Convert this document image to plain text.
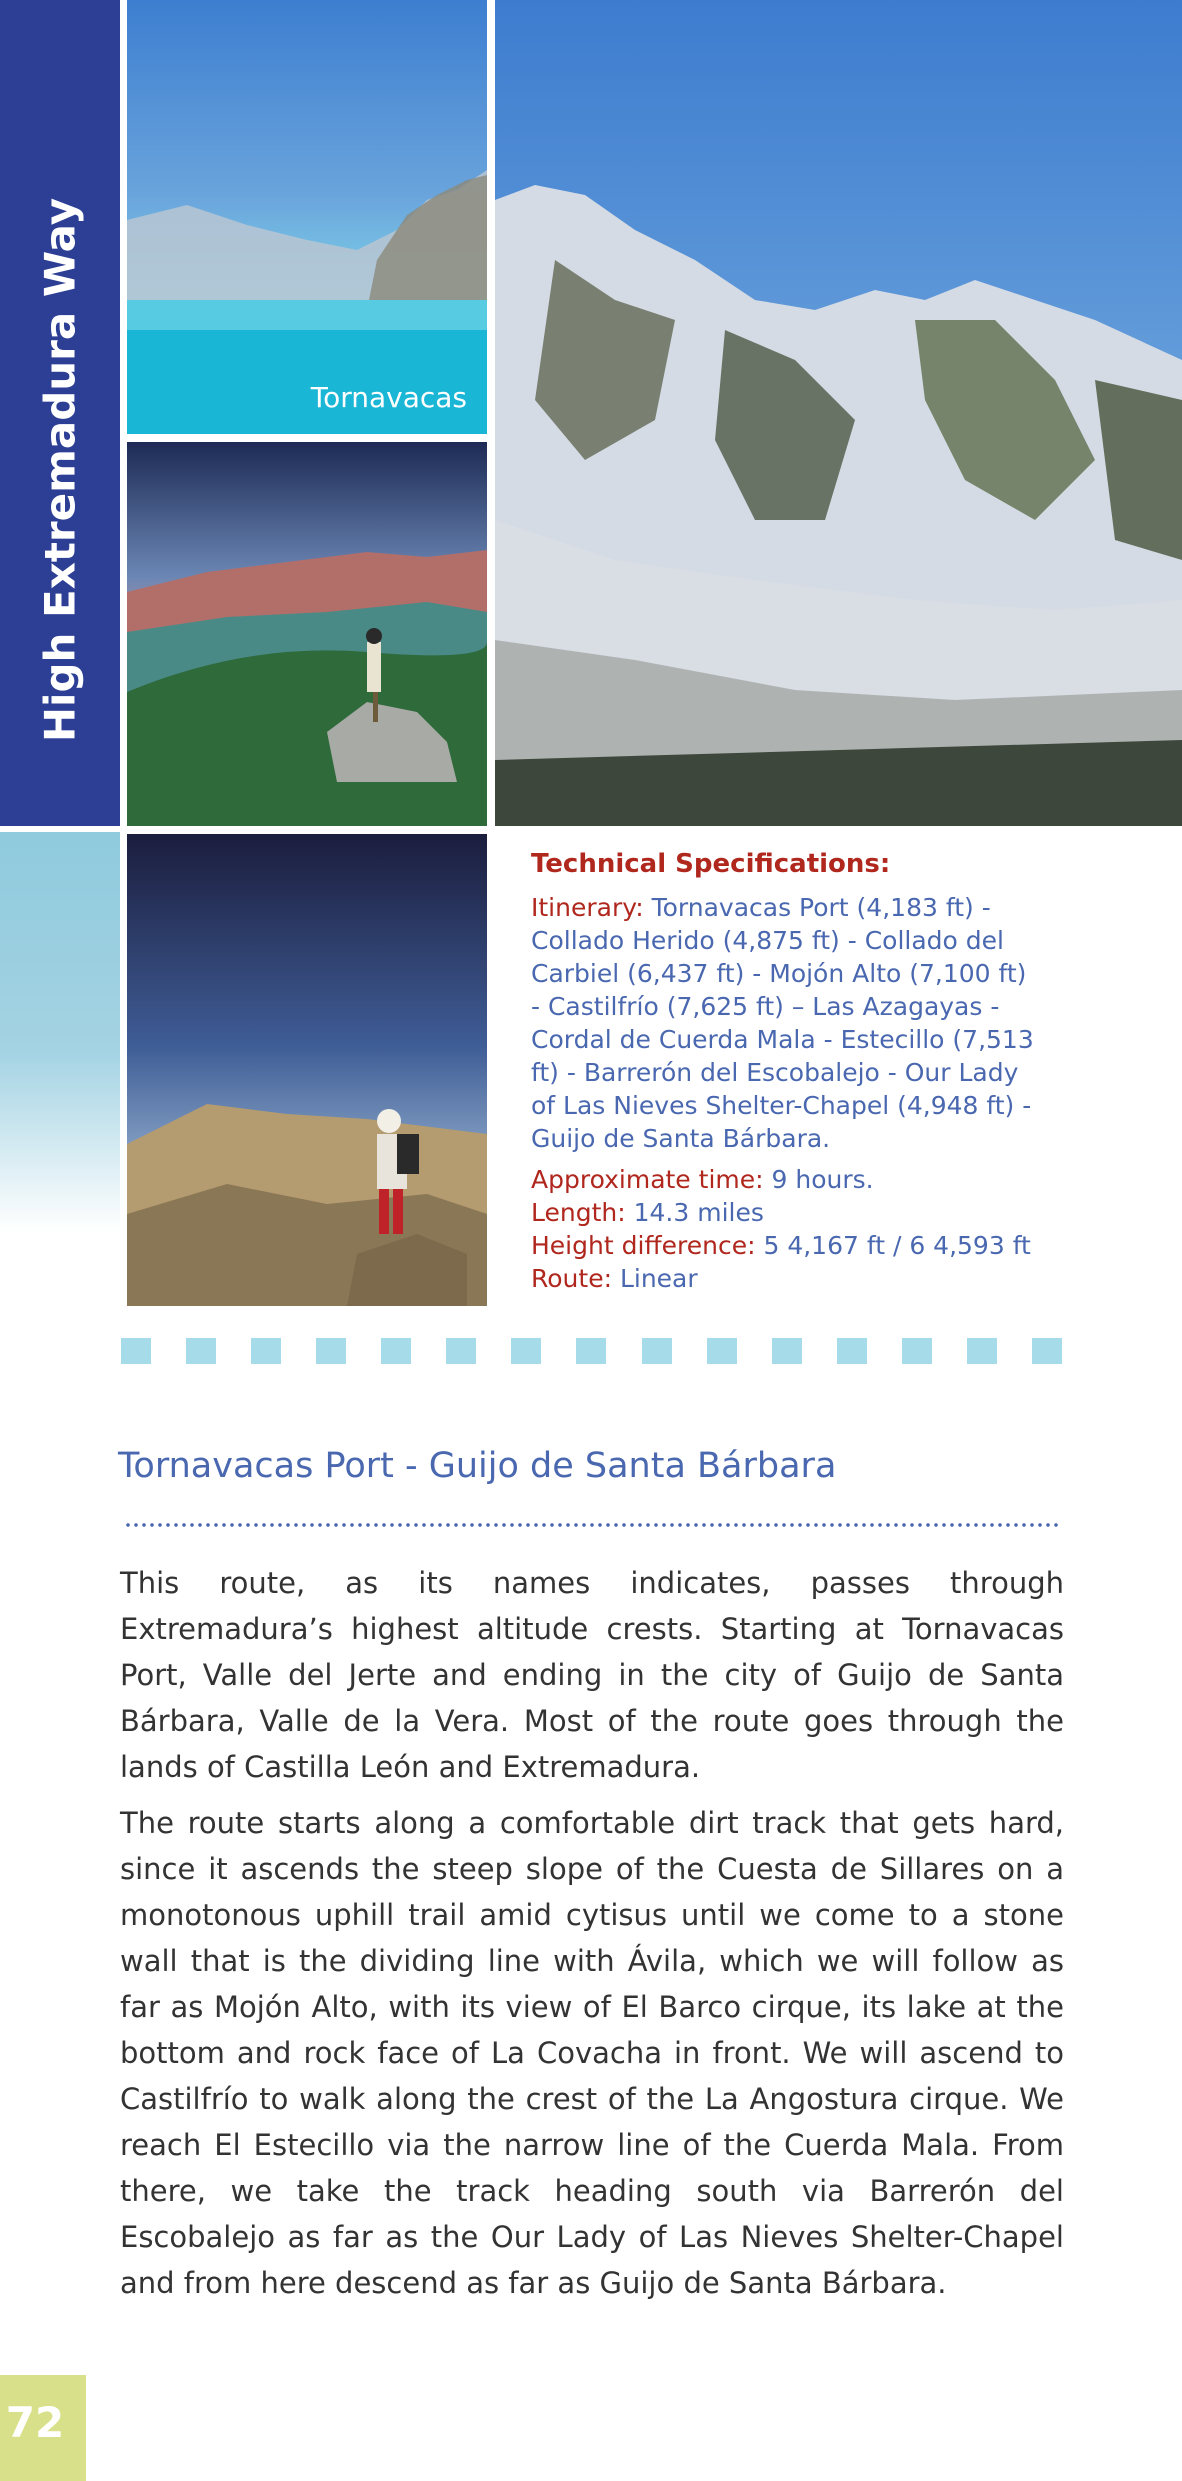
High Extremadura Way	Tornavacas
Technical Specifications:
Itinerary: Tornavacas Port (4,183 ft) -
Collado Herido (4,875 ft) - Collado del
Carbiel (6,437 ft) - Mojón Alto (7,100 ft)
- Castilfrío (7,625 ft) – Las Azagayas -
Cordal de Cuerda Mala - Estecillo (7,513
ft) - Barrerón del Escobalejo - Our Lady
of Las Nieves Shelter-Chapel (4,948 ft) -
Guijo de Santa Bárbara.
Approximate time: 9 hours.
Length: 14.3 miles
Height difference: 5 4,167 ft / 6 4,593 ft
Route: Linear
Tornavacas Port - Guijo de Santa Bárbara

This route, as its names indicates, passes through Extremadura’s highest altitude crests. Starting at Tornavacas Port, Valle del Jerte and ending in the city of Guijo de Santa Bárbara, Valle de la Vera. Most of the route goes through the lands of Castilla León and Extremadura.

The route starts along a comfortable dirt track that gets hard, since it ascends the steep slope of the Cuesta de Sillares on a monotonous uphill trail amid cytisus until we come to a stone wall that is the dividing line with Ávila, which we will follow as far as Mojón Alto, with its view of El Barco cirque, its lake at the bottom and rock face of La Covacha in front. We will ascend to Castilfrío to walk along the crest of the La Angostura cirque. We reach El Estecillo via the narrow line of the Cuerda Mala. From there, we take the track heading south via Barrerón del Escobalejo as far as the Our Lady of Las Nieves Shelter-Chapel and from here descend as far as Guijo de Santa Bárbara.

72
